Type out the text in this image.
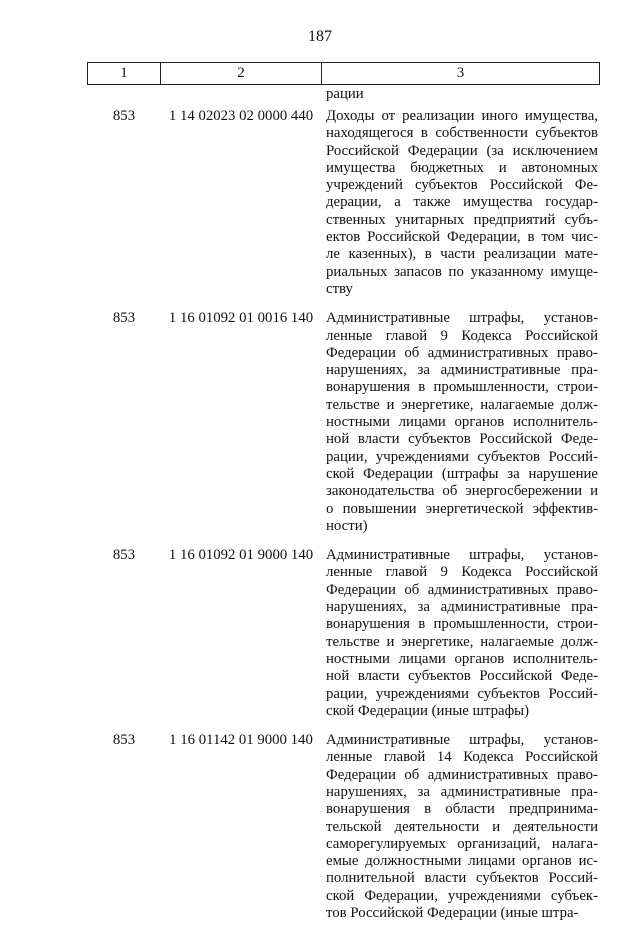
187
1	2	3
рации
853	1 14 02023 02 0000 440 Доходы от реализации иного имущества,
находящегося в собственности субъектов
Российской Федерации (за исключением
имущества бюджетных и автономных
учреждений субъектов Российской Фе-
дерации, а также имущества государ-
ственных унитарных предприятий субъ-
ектов Российской Федерации, в том чис-
ле казенных), в части реализации мате-
риальных запасов по указанному имуще-
ству
853	1 16 01092 01 0016 140 Административные штрафы, установ-
ленные главой 9 Кодекса Российской
Федерации об административных право-
нарушениях, за административные пра-
вонарушения в промышленности, строи-
тельстве и энергетике, налагаемые долж-
ностными лицами органов исполнитель-
ной власти субъектов Российской Феде-
рации, учреждениями субъектов Россий-
ской Федерации (штрафы за нарушение
законодательства об энергосбережении и
о повышении энергетической эффектив-
ности)
853	1 16 01092 01 9000 140 Административные штрафы, установ-
ленные главой 9 Кодекса Российской
Федерации об административных право-
нарушениях, за административные пра-
вонарушения в промышленности, строи-
тельстве и энергетике, налагаемые долж-
ностными лицами органов исполнитель-
ной власти субъектов Российской Феде-
рации, учреждениями субъектов Россий-
ской Федерации (иные штрафы)
853	1 16 01142 01 9000 140 Административные штрафы, установ-
ленные главой 14 Кодекса Российской
Федерации об административных право-
нарушениях, за административные пра-
вонарушения в области предпринима-
тельской деятельности и деятельности
саморегулируемых организаций, налага-
емые должностными лицами органов ис-
полнительной власти субъектов Россий-
ской Федерации, учреждениями субъек-
тов Российской Федерации (иные штра-
